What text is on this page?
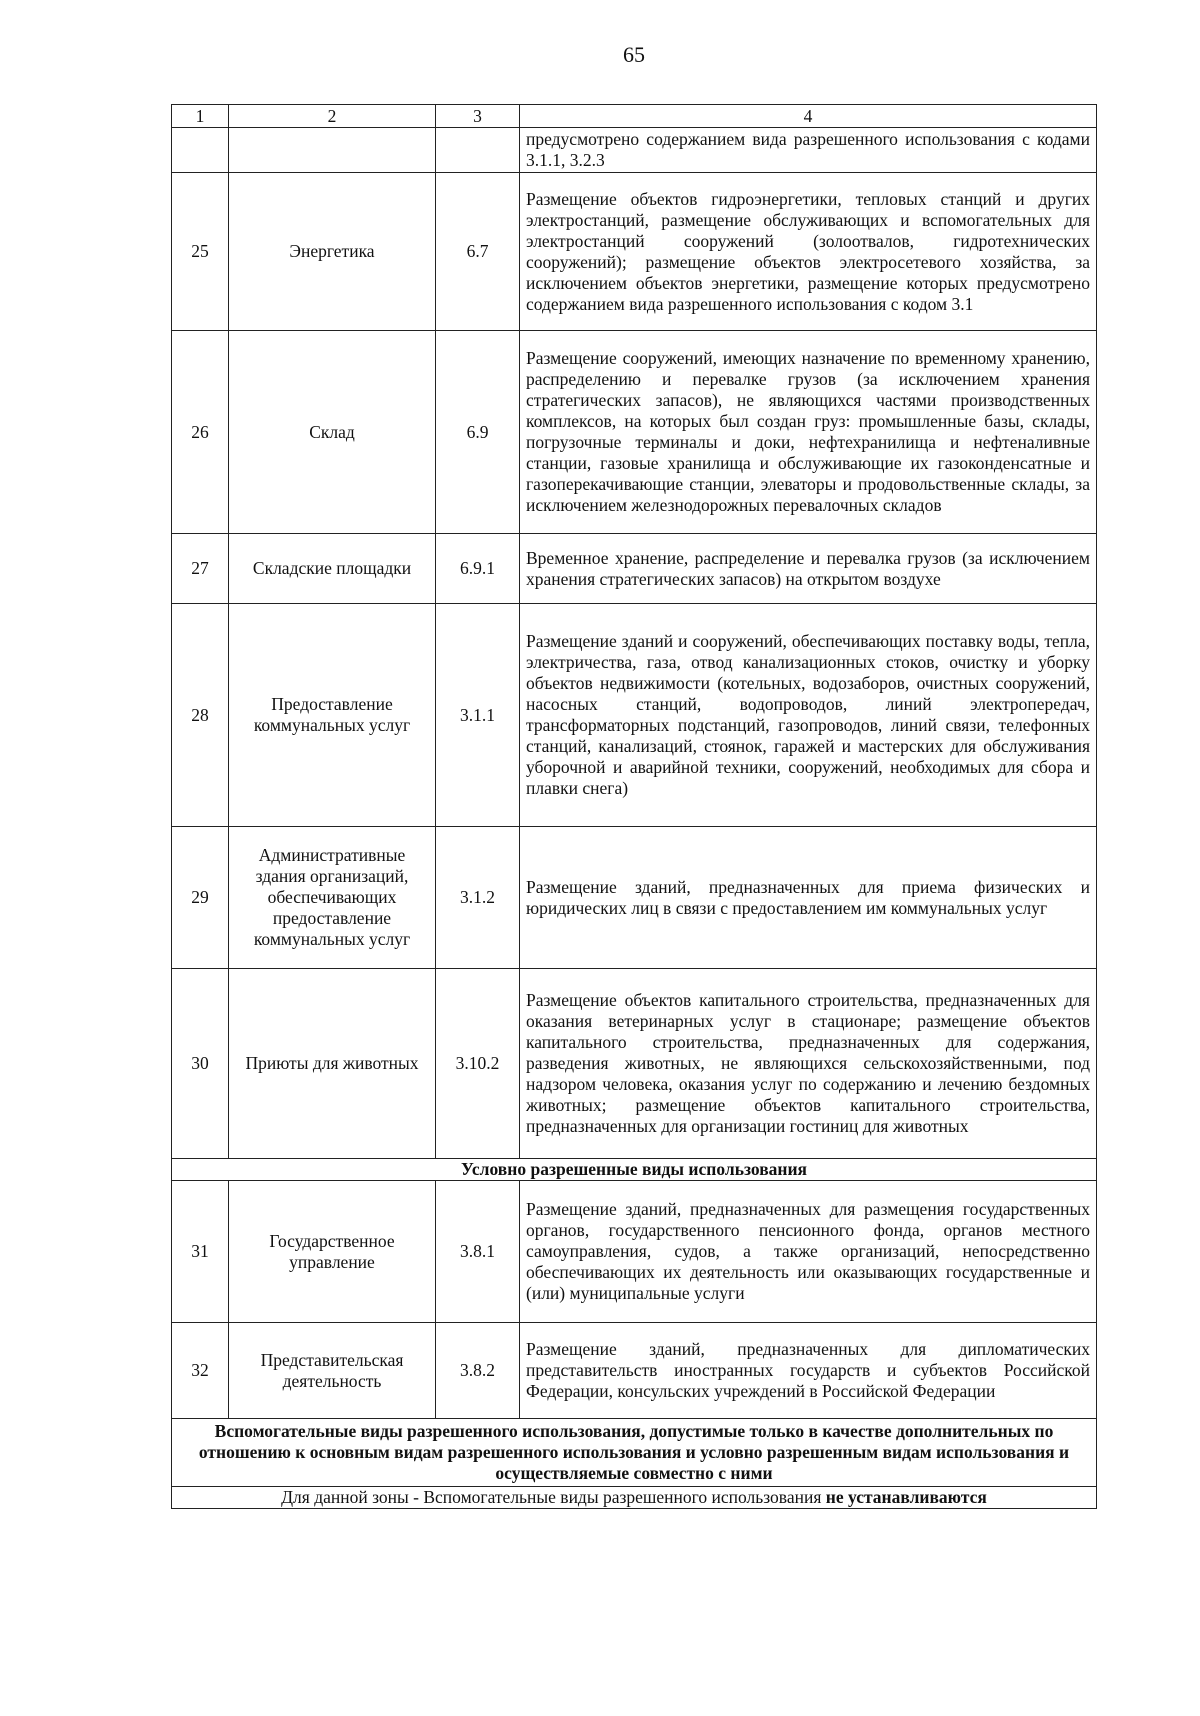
65
1	2	3	4
			предусмотрено содержанием вида разрешенного использования с кодами 3.1.1, 3.2.3
25	Энергетика	6.7	Размещение объектов гидроэнергетики, тепловых станций и других электростанций, размещение обслуживающих и вспомогательных для электростанций сооружений (золоотвалов, гидротехнических сооружений); размещение объектов электросетевого хозяйства, за исключением объектов энергетики, размещение которых предусмотрено содержанием вида разрешенного использования с кодом 3.1
26	Склад	6.9	Размещение сооружений, имеющих назначение по временному хранению, распределению и перевалке грузов (за исключением хранения стратегических запасов), не являющихся частями производственных комплексов, на которых был создан груз: промышленные базы, склады, погрузочные терминалы и доки, нефтехранилища и нефтеналивные станции, газовые хранилища и обслуживающие их газоконденсатные и газоперекачивающие станции, элеваторы и продовольственные склады, за исключением железнодорожных перевалочных складов
27	Складские площадки	6.9.1	Временное хранение, распределение и перевалка грузов (за исключением хранения стратегических запасов) на открытом воздухе
28	Предоставление коммунальных услуг	3.1.1	Размещение зданий и сооружений, обеспечивающих поставку воды, тепла, электричества, газа, отвод канализационных стоков, очистку и уборку объектов недвижимости (котельных, водозаборов, очистных сооружений, насосных станций, водопроводов, линий электропередач, трансформаторных подстанций, газопроводов, линий связи, телефонных станций, канализаций, стоянок, гаражей и мастерских для обслуживания уборочной и аварийной техники, сооружений, необходимых для сбора и плавки снега)
29	Административные здания организаций, обеспечивающих предоставление коммунальных услуг	3.1.2	Размещение зданий, предназначенных для приема физических и юридических лиц в связи с предоставлением им коммунальных услуг
30	Приюты для животных	3.10.2	Размещение объектов капитального строительства, предназначенных для оказания ветеринарных услуг в стационаре; размещение объектов капитального строительства, предназначенных для содержания, разведения животных, не являющихся сельскохозяйственными, под надзором человека, оказания услуг по содержанию и лечению бездомных животных; размещение объектов капитального строительства, предназначенных для организации гостиниц для животных
Условно разрешенные виды использования			
31	Государственное управление	3.8.1	Размещение зданий, предназначенных для размещения государственных органов, государственного пенсионного фонда, органов местного самоуправления, судов, а также организаций, непосредственно обеспечивающих их деятельность или оказывающих государственные и (или) муниципальные услуги
32	Представительская деятельность	3.8.2	Размещение зданий, предназначенных для дипломатических представительств иностранных государств и субъектов Российской Федерации, консульских учреждений в Российской Федерации
Вспомогательные виды разрешенного использования, допустимые только в качестве дополнительных по отношению к основным видам разрешенного использования и условно разрешенным видам использования и осуществляемые совместно с ними			
Для данной зоны - Вспомогательные виды разрешенного использования не устанавливаются			
